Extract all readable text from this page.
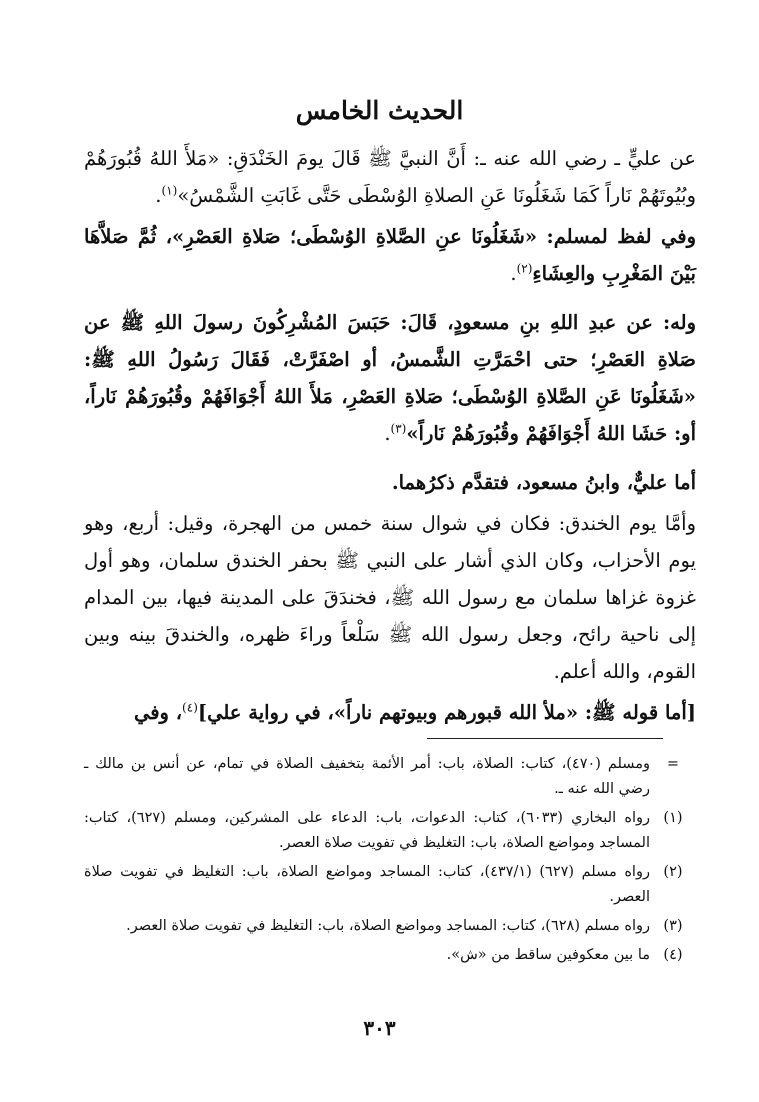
الحديث الخامس

عن عليٍّ ـ رضي الله عنه ـ: أَنَّ النبيَّ ﷺ قَالَ يومَ الخَنْدَقِ: «مَلأَ اللهُ قُبُورَهُمْ وبُيُوتَهُمْ نَاراً كَمَا شَغَلُونَا عَنِ الصلاةِ الوُسْطَى حَتَّى غَابَتِ الشَّمْسُ»$^{(١)}$.

وفي لفظ لمسلم: «شَغَلُونَا عنِ الصَّلاةِ الوُسْطَى؛ صَلاةِ العَصْرِ»، ثُمَّ صَلاَّهَا بَيْنَ المَغْرِبِ والعِشَاءِ$^{(٢)}$.

وله: عن عبدِ اللهِ بنِ مسعودٍ، قَالَ: حَبَسَ المُشْرِكُونَ رسولَ اللهِ ﷺ عن صَلاةِ العَصْرِ؛ حتى احْمَرَّتِ الشَّمسُ، أو اصْفَرَّتْ، فَقَالَ رَسُولُ اللهِ ﷺ: «شَغَلُونَا عَنِ الصَّلاةِ الوُسْطَى؛ صَلاةِ العَصْرِ، مَلأَ اللهُ أَجْوَافَهُمْ وقُبُورَهُمْ نَاراً، أو: حَشَا اللهُ أَجْوَافَهُمْ وقُبُورَهُمْ نَاراً»$^{(٣)}$.

أما عليٌّ، وابنُ مسعود، فتقدَّم ذكرُهما.

وأمَّا يوم الخندق: فكان في شوال سنة خمس من الهجرة، وقيل: أربع، وهو يوم الأحزاب، وكان الذي أشار على النبي ﷺ بحفر الخندق سلمان، وهو أول غزوة غزاها سلمان مع رسول الله ﷺ، فخندَقَ على المدينة فيها، بين المدام إلى ناحية رائح، وجعل رسول الله ﷺ سَلْعاً وراءَ ظهره، والخندقَ بينه وبين القوم، والله أعلم.

[أما قوله ﷺ: «ملأ الله قبورهم وبيوتهم ناراً»، في رواية علي]$^{(٤)}$، وفي

=
ومسلم (٤٧٠)، كتاب: الصلاة، باب: أمر الأئمة بتخفيف الصلاة في تمام، عن أنس بن مالك ـ رضي الله عنه ـ.
(١)
رواه البخاري (٦٠٣٣)، كتاب: الدعوات، باب: الدعاء على المشركين، ومسلم (٦٢٧)، كتاب: المساجد ومواضع الصلاة، باب: التغليظ في تفويت صلاة العصر.
(٢)
رواه مسلم (٦٢٧) (٤٣٧/١)، كتاب: المساجد ومواضع الصلاة، باب: التغليظ في تفويت صلاة العصر.
(٣)
رواه مسلم (٦٢٨)، كتاب: المساجد ومواضع الصلاة، باب: التغليظ في تفويت صلاة العصر.
(٤)
ما بين معكوفين ساقط من «ش».
٣٠٣
